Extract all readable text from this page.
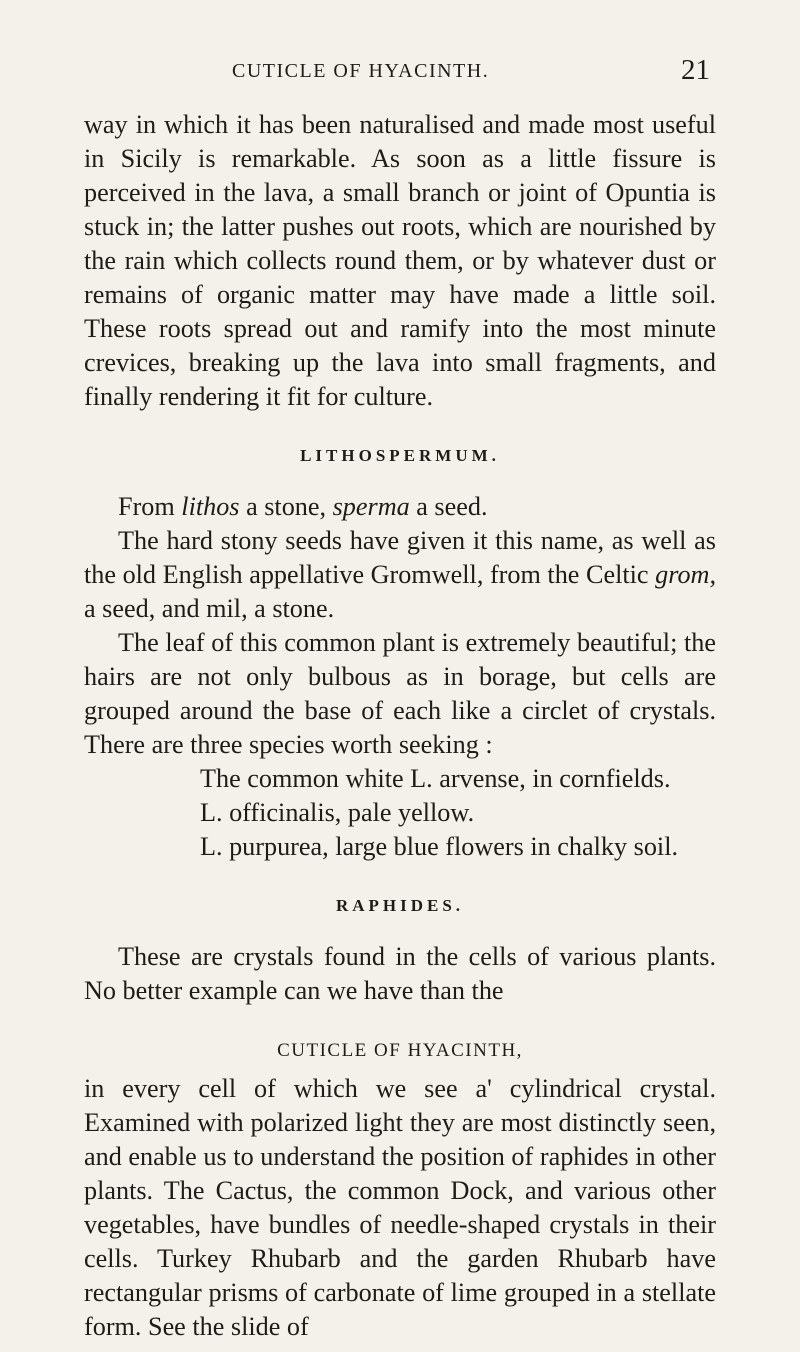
CUTICLE OF HYACINTH.	21

way in which it has been naturalised and made most useful in Sicily is remarkable. As soon as a little fissure is perceived in the lava, a small branch or joint of Opuntia is stuck in; the latter pushes out roots, which are nourished by the rain which collects round them, or by whatever dust or remains of organic matter may have made a little soil. These roots spread out and ramify into the most minute crevices, breaking up the lava into small fragments, and finally rendering it fit for culture.

LITHOSPERMUM.

From lithos a stone, sperma a seed.

The hard stony seeds have given it this name, as well as the old English appellative Gromwell, from the Celtic grom, a seed, and mil, a stone.

The leaf of this common plant is extremely beautiful; the hairs are not only bulbous as in borage, but cells are grouped around the base of each like a circlet of crystals. There are three species worth seeking :

The common white L. arvense, in cornfields.
L. officinalis, pale yellow.
L. purpurea, large blue flowers in chalky soil.
RAPHIDES.

These are crystals found in the cells of various plants. No better example can we have than the

CUTICLE OF HYACINTH,

in every cell of which we see a' cylindrical crystal. Examined with polarized light they are most distinctly seen, and enable us to understand the position of raphides in other plants. The Cactus, the common Dock, and various other vegetables, have bundles of needle-shaped crystals in their cells. Turkey Rhubarb and the garden Rhubarb have rectangular prisms of carbonate of lime grouped in a stellate form. See the slide of
